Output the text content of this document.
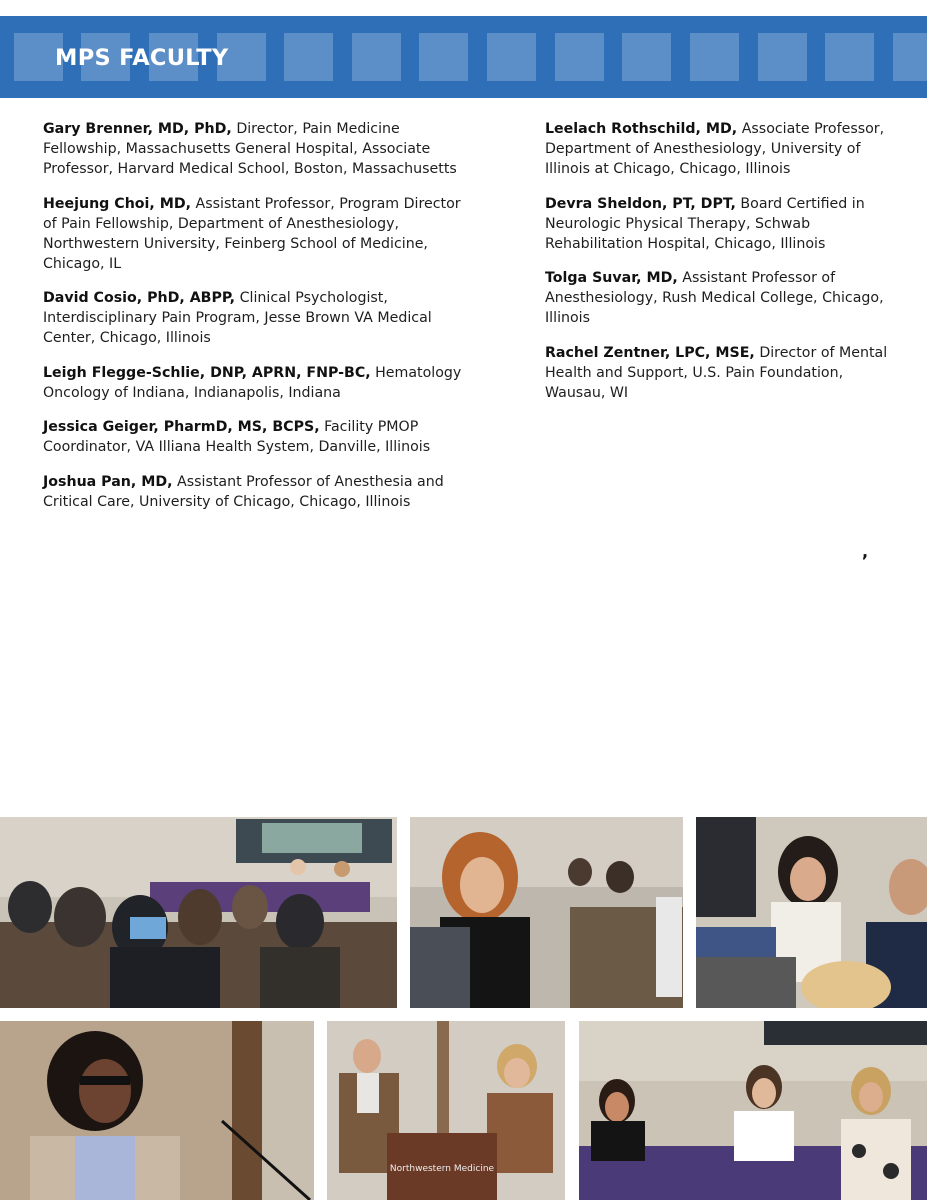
MPS FACULTY

Gary Brenner, MD, PhD, Director, Pain Medicine Fellowship, Massachusetts General Hospital, Associate Professor, Harvard Medical School, Boston, Massachusetts

Heejung Choi, MD, Assistant Professor, Program Director of Pain Fellowship, Department of Anesthesiology, Northwestern University, Feinberg School of Medicine, Chicago, IL

David Cosio, PhD, ABPP, Clinical Psychologist, Interdisciplinary Pain Program, Jesse Brown VA Medical Center, Chicago, Illinois

Leigh Flegge-Schlie, DNP, APRN, FNP-BC, Hematology Oncology of Indiana, Indianapolis, Indiana

Jessica Geiger, PharmD, MS, BCPS, Facility PMOP Coordinator, VA Illiana Health System, Danville, Illinois

Joshua Pan, MD, Assistant Professor of Anesthesia and Critical Care, University of Chicago, Chicago, Illinois

Leelach Rothschild, MD, Associate Professor, Department of Anesthesiology, University of Illinois at Chicago, Chicago, Illinois

Devra Sheldon, PT, DPT, Board Certified in Neurologic Physical Therapy, Schwab Rehabilitation Hospital, Chicago, Illinois

Tolga Suvar, MD, Assistant Professor of Anesthesiology, Rush Medical College, Chicago, Illinois

Rachel Zentner, LPC, MSE, Director of Mental Health and Support, U.S. Pain Foundation, Wausau, WI

,
Northwestern Medicine
